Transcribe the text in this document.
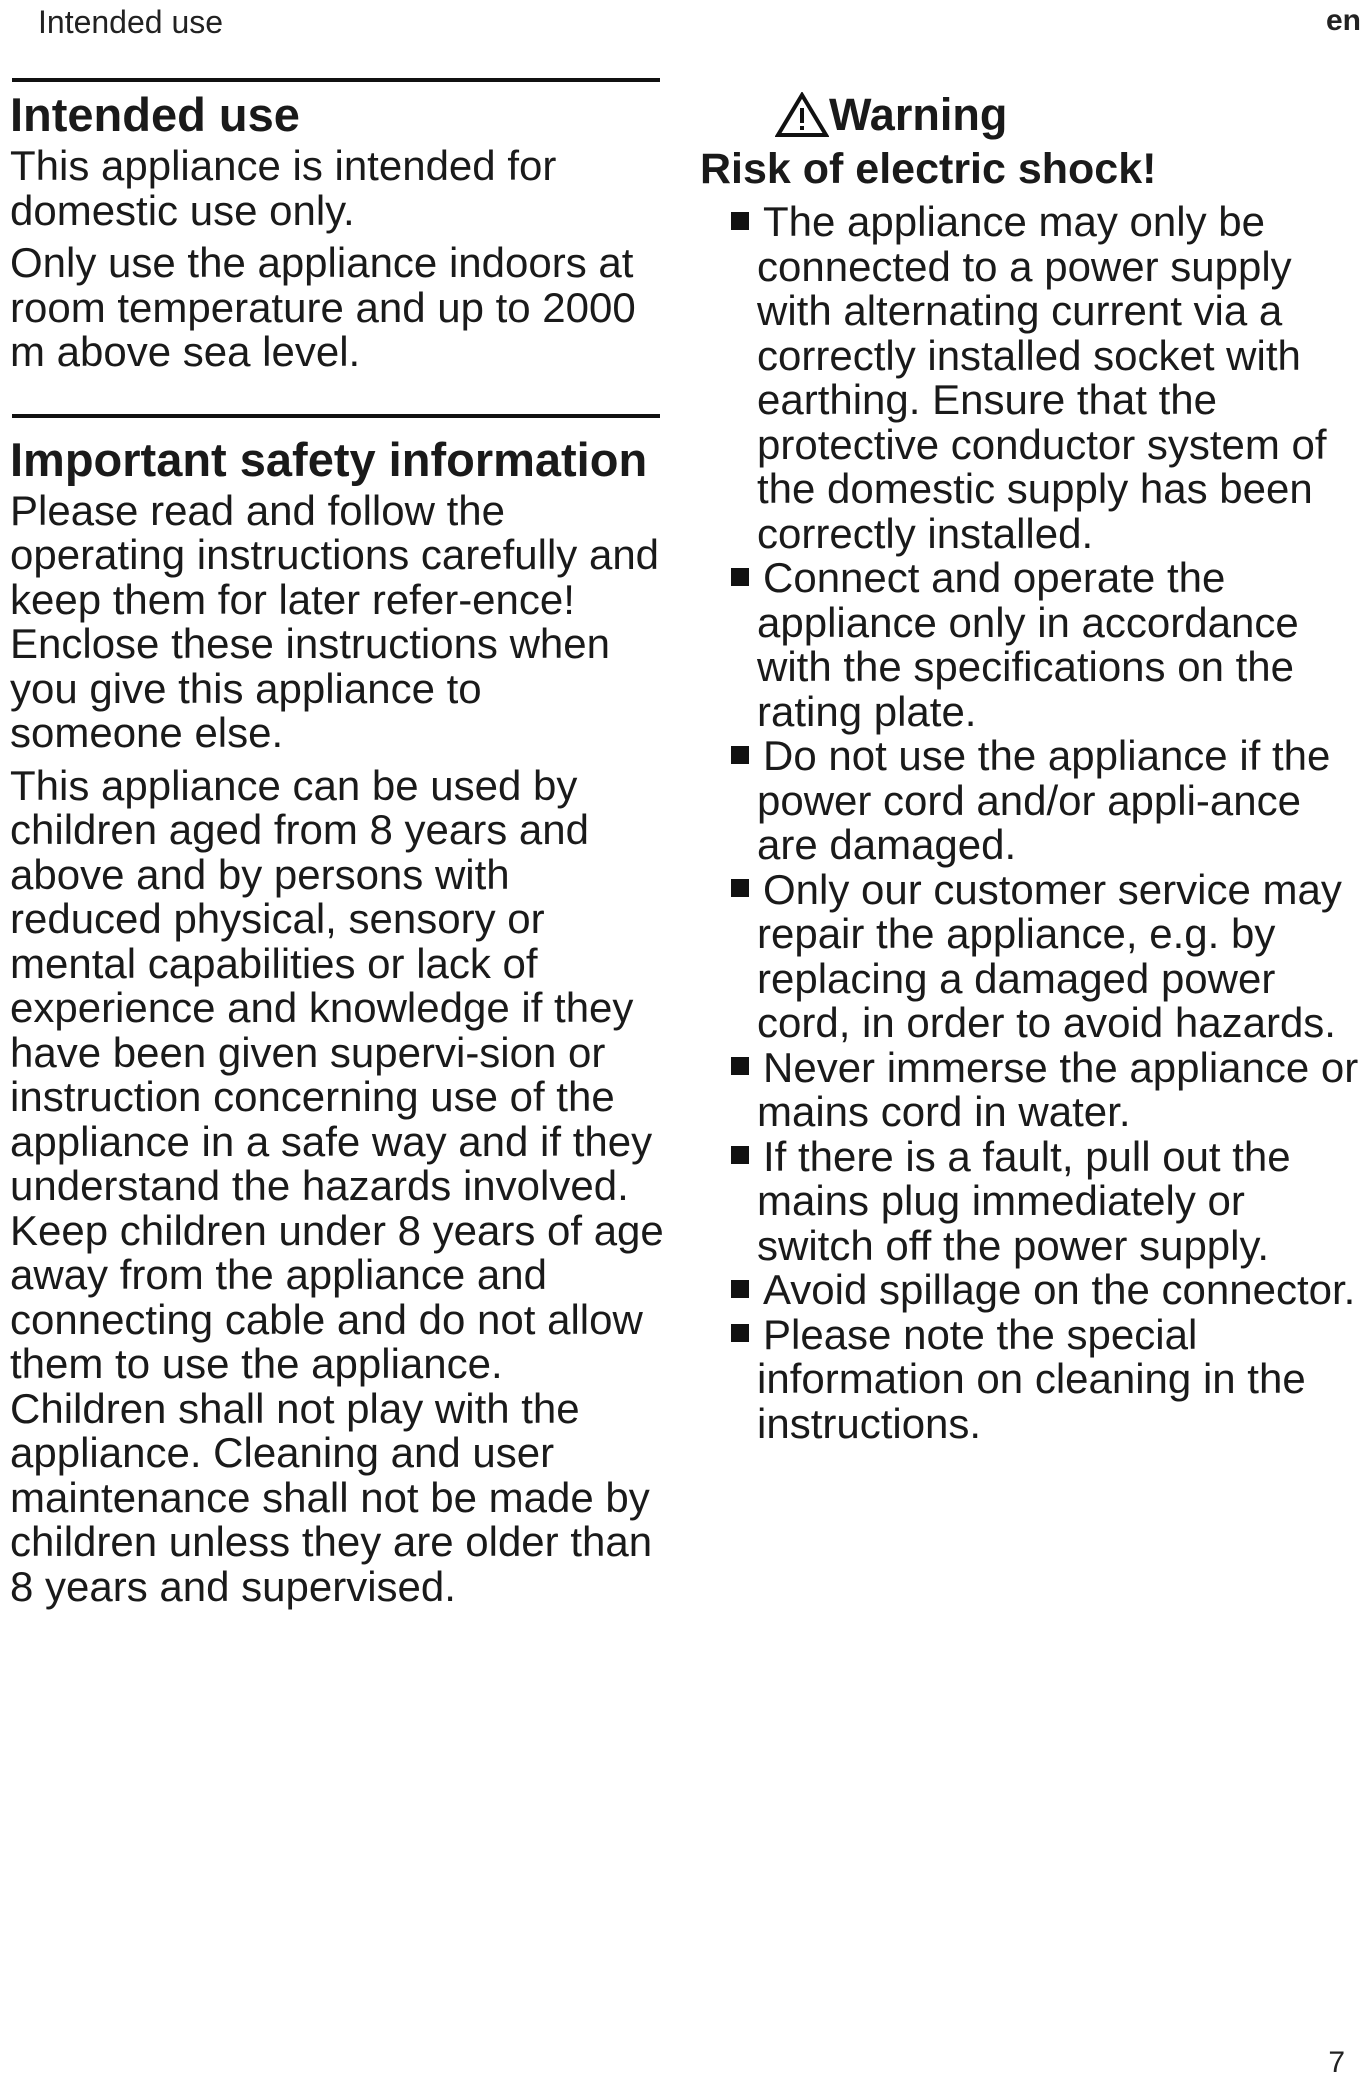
Intended use	en
Intended use

This appliance is intended for domestic use only.

Only use the appliance indoors at room temperature and up to 2000 m above sea level.

Important safety information

Please read and follow the operating instructions carefully and keep them for later refer-ence! Enclose these instructions when you give this appliance to someone else.

This appliance can be used by children aged from 8 years and above and by persons with reduced physical, sensory or mental capabilities or lack of experience and knowledge if they have been given supervi-sion or instruction concerning use of the appliance in a safe way and if they understand the hazards involved. Keep children under 8 years of age away from the appliance and connecting cable and do not allow them to use the appliance. Children shall not play with the appliance. Cleaning and user maintenance shall not be made by children unless they are older than 8 years and supervised.

Warning
Risk of electric shock!
The appliance may only be connected to a power supply with alternating current via a correctly installed socket with earthing. Ensure that the protective conductor system of the domestic supply has been correctly installed.
Connect and operate the appliance only in accordance with the specifications on the rating plate.
Do not use the appliance if the power cord and/or appli-ance are damaged.
Only our customer service may repair the appliance, e.g. by replacing a damaged power cord, in order to avoid hazards.
Never immerse the appliance or mains cord in water.
If there is a fault, pull out the mains plug immediately or switch off the power supply.
Avoid spillage on the connector.
Please note the special information on cleaning in the instructions.
7
